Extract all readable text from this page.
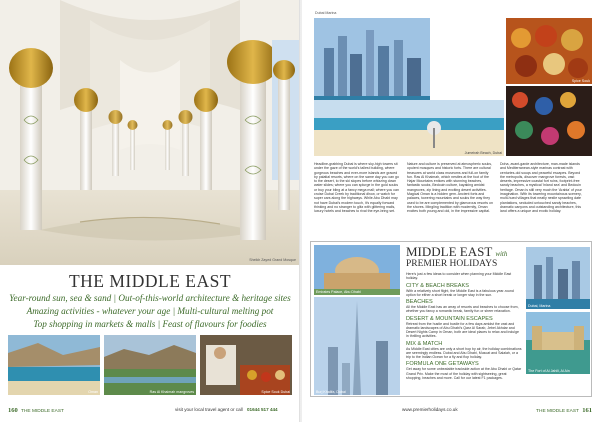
Sheikh Zayed Grand Mosque
THE MIDDLE EAST
Year-round sun, sea & sand | Out-of-this-world architecture & heritage sites
Amazing activities - whatever your age | Multi-cultural melting pot
Top shopping in markets & malls | Feast of flavours for foodies
Oman	Ras Al Khaimah mangroves	Spice Souk Dubai
160 THE MIDDLE EAST	visit your local travel agent or call 01644 517 444
Spice Souk
Jumeirah Beach, Dubai
Headline-grabbing Dubai is where sky-high towers sit under the gaze of the world's tallest building, where gorgeous beaches and ever-more islands are graced by palatial resorts, where on the same day you can go to the desert, to the ski slopes before whizzing down water slides; where you can splurge in the gold souks or buy your bling at a fancy mega mall; where you can cruise Dubai Creek by traditional dhow, or watch for super cars along the highways. While Abu Dhabi may not have Dubai's modern touch, it's equally forward thinking and no stranger to glitz with glittering malls, luxury hotels and beaches to rival the eye-bring set.
Nature and culture is preserved at atmospheric souks, opulent mosques and historic forts. There are cultural treasures at world class museums and full-on family fun. Ras Al Khaimah, which nestles at the foot of the Hajar Mountains entices with stunning beaches, fantastic souks, Bedouin culture, kayaking amidst mangroves, zip lining and exciting desert activities. Magical Oman is a hidden gem. Ancient forts and palaces, towering mountains and souks the way they used to be are complemented by glamorous resorts on the shores. Mingling tradition with modernity, Oman excites both young and old, in the impressive capital.
Doha, avant-garde architecture, man-made islands and Mediterranean-style marinas contrast with centuries-old souqs and peaceful escapes. Beyond the metropolis, discover mangrove forests, vast deserts, impressive coastal fort ruins, footprint-free sandy beaches, a mystical 'inland sea' and Bedouin heritage. Oman is still very much the 'Arabia' of your imagination. With its towering mountainous scenery, multi-hued villages that neatly nestle sprawling date plantations, secluded untouched sandy beaches, dramatic canyons and outstanding architecture, this land offers a unique and exotic holiday.
Emirates Palace, Abu Dhabi
Burj Khalifa, Dubai
Dubai, Marina
The Fort of Al Jahili, Al Ain
MIDDLE EAST with
PREMIER HOLIDAYS

Here's just a few ideas to consider when planning your Middle East holiday.

CITY & BEACH BREAKS

With a relatively short flight, the Middle East is a fabulous year-round option for either a short break or longer stay in the sun.

BEACHES

All the Middle East has an array of resorts and beaches to choose from, whether you fancy a romantic break, family fun or sheer relaxation.

DESERT & MOUNTAIN ESCAPES

Retreat from the hustle and bustle for a few days amidst the vast and dramatic landscapes of Abu Dhabi's Qasr Al Sarab, Jebel Akhdar and Desert Nights Camp in Oman, both are ideal places to relax and indulge in thrilling activities.

MIX & MATCH

As Middle East cities are only a short hop by air, the holiday combinations are seemingly endless. Dubai and Abu Dhabi, Muscat and Salalah, or a trip to the Indian Ocean for a fly and flop holiday.

FORMULA ONE GETAWAYS

Get away for some unbeatable trackside action at the Abu Dhabi or Qatar Grand Prix. Make the most of the holiday with sightseeing, great shopping, beaches and more. Call for our latest F1 packages.

Dubai Marina
www.premierholidays.co.uk	THE MIDDLE EAST 161
